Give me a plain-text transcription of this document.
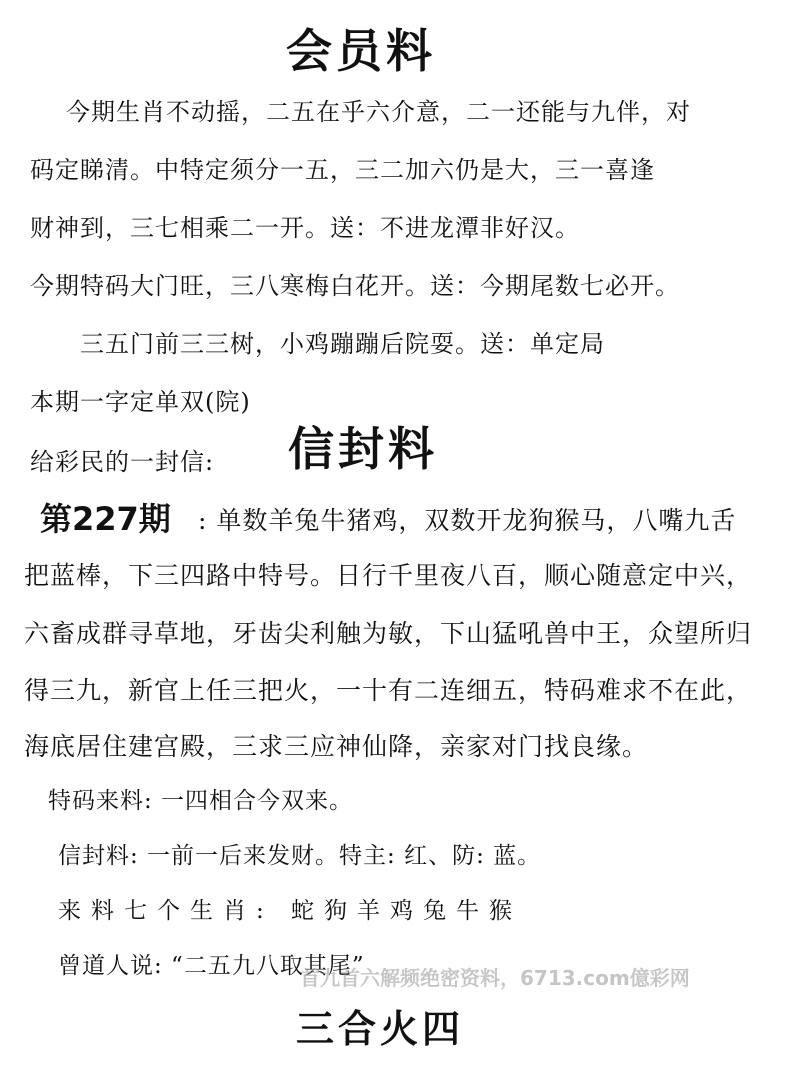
会员料
今期生肖不动摇，二五在乎六介意，二一还能与九伴，对
码定睇清。中特定须分一五，三二加六仍是大，三一喜逢
财神到，三七相乘二一开。送：不进龙潭非好汉。
今期特码大门旺，三八寒梅白花开。送：今期尾数七必开。
三五门前三三树，小鸡蹦蹦后院耍。送：单定局
本期一字定单双(院)
给彩民的一封信: 信封料
第227期 : 单数羊兔牛猪鸡，双数开龙狗猴马，八嘴九舌
把蓝棒，下三四路中特号。日行千里夜八百，顺心随意定中兴，
六畜成群寻草地，牙齿尖利触为敏，下山猛吼兽中王，众望所归
得三九，新官上任三把火，一十有二连细五，特码难求不在此，
海底居住建宫殿，三求三应神仙降，亲家对门找良缘。
特码来料: 一四相合今双来。
信封料: 一前一后来发财。特主: 红、防: 蓝。
来料七个生肖: 蛇狗羊鸡兔牛猴
曾道人说: “二五九八取其尾”
首九首六解频绝密资料，6713.com億彩网
三合火四
